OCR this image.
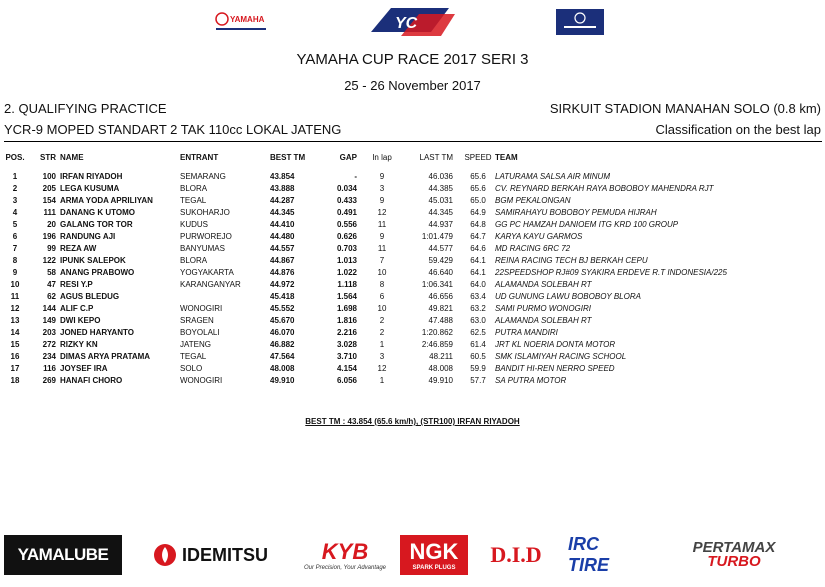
YAMAHA	YC
YAMAHA CUP RACE 2017 SERI 3
25 - 26 November 2017
2. QUALIFYING PRACTICE	SIRKUIT STADION MANAHAN SOLO (0.8 km)
YCR-9 MOPED STANDART 2 TAK 110cc LOKAL JATENG	Classification on the best lap
POS.	STR	NAME	ENTRANT	BEST TM	GAP	In lap	LAST TM	SPEED	TEAM
1	100	IRFAN RIYADOH	SEMARANG	43.854	-	9	46.036	65.6	LATURAMA SALSA AIR MINUM
2	205	LEGA KUSUMA	BLORA	43.888	0.034	3	44.385	65.6	CV. REYNARD BERKAH RAYA BOBOBOY MAHENDRA RJT
3	154	ARMA YODA APRILIYAN	TEGAL	44.287	0.433	9	45.031	65.0	BGM PEKALONGAN
4	111	DANANG K UTOMO	SUKOHARJO	44.345	0.491	12	44.345	64.9	SAMIRAHAYU BOBOBOY PEMUDA HIJRAH
5	20	GALANG TOR TOR	KUDUS	44.410	0.556	11	44.937	64.8	GG PC HAMZAH DANIOEM ITG KRD 100 GROUP
6	196	RANDUNG AJI	PURWOREJO	44.480	0.626	9	1:01.479	64.7	KARYA KAYU GARMOS
7	99	REZA AW	BANYUMAS	44.557	0.703	11	44.577	64.6	MD RACING 6RC 72
8	122	IPUNK SALEPOK	BLORA	44.867	1.013	7	59.429	64.1	REINA RACING TECH BJ BERKAH CEPU
9	58	ANANG PRABOWO	YOGYAKARTA	44.876	1.022	10	46.640	64.1	22SPEEDSHOP RJ#09 SYAKIRA ERDEVE R.T INDONESIA/225
10	47	RESI Y.P	KARANGANYAR	44.972	1.118	8	1:06.341	64.0	ALAMANDA SOLEBAH RT
11	62	AGUS BLEDUG		45.418	1.564	6	46.656	63.4	UD GUNUNG LAWU BOBOBOY BLORA
12	144	ALIF C.P	WONOGIRI	45.552	1.698	10	49.821	63.2	SAMI PURMO WONOGIRI
13	149	DWI KEPO	SRAGEN	45.670	1.816	2	47.488	63.0	ALAMANDA SOLEBAH RT
14	203	JONED HARYANTO	BOYOLALI	46.070	2.216	2	1:20.862	62.5	PUTRA MANDIRI
15	272	RIZKY KN	JATENG	46.882	3.028	1	2:46.859	61.4	JRT KL NOERIA DONTA MOTOR
16	234	DIMAS ARYA PRATAMA	TEGAL	47.564	3.710	3	48.211	60.5	SMK ISLAMIYAH RACING SCHOOL
17	116	JOYSEF IRA	SOLO	48.008	4.154	12	48.008	59.9	BANDIT HI-REN NERRO SPEED
18	269	HANAFI CHORO	WONOGIRI	49.910	6.056	1	49.910	57.7	SA PUTRA MOTOR
BEST TM : 43.854 (65.6 km/h), (STR100) IRFAN RIYADOH
YAMALUBE	IDEMITSU KYB
Our Precision, Your Advantage
NGK
SPARK PLUGS
D.I.D IRC TIRE
PERTAMAX
TURBO
